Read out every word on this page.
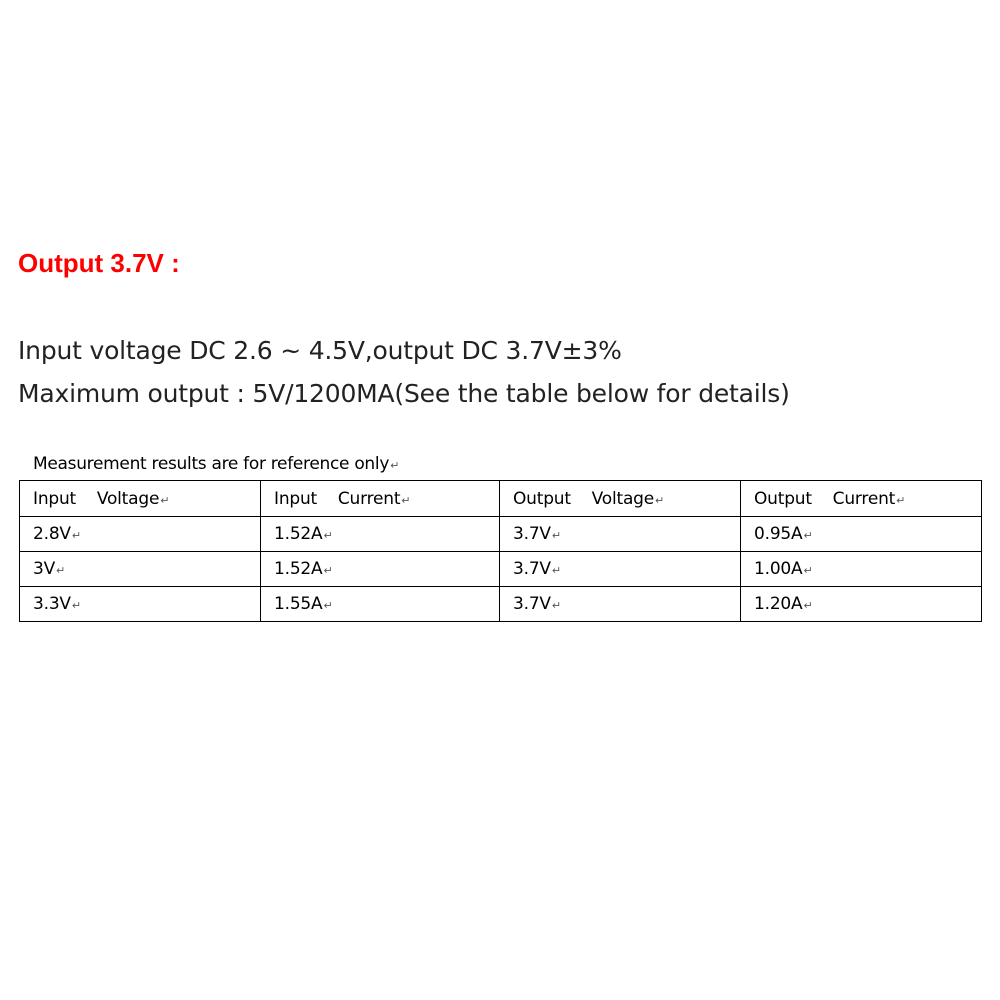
Output 3.7V :
Input voltage DC 2.6 ~ 4.5V,output DC 3.7V±3%
Maximum output : 5V/1200MA(See the table below for details)
Measurement results are for reference only↵
Input    Voltage↵	Input    Current↵	Output    Voltage↵	Output    Current↵
2.8V↵	1.52A↵	3.7V↵	0.95A↵
3V↵	1.52A↵	3.7V↵	1.00A↵
3.3V↵	1.55A↵	3.7V↵	1.20A↵
